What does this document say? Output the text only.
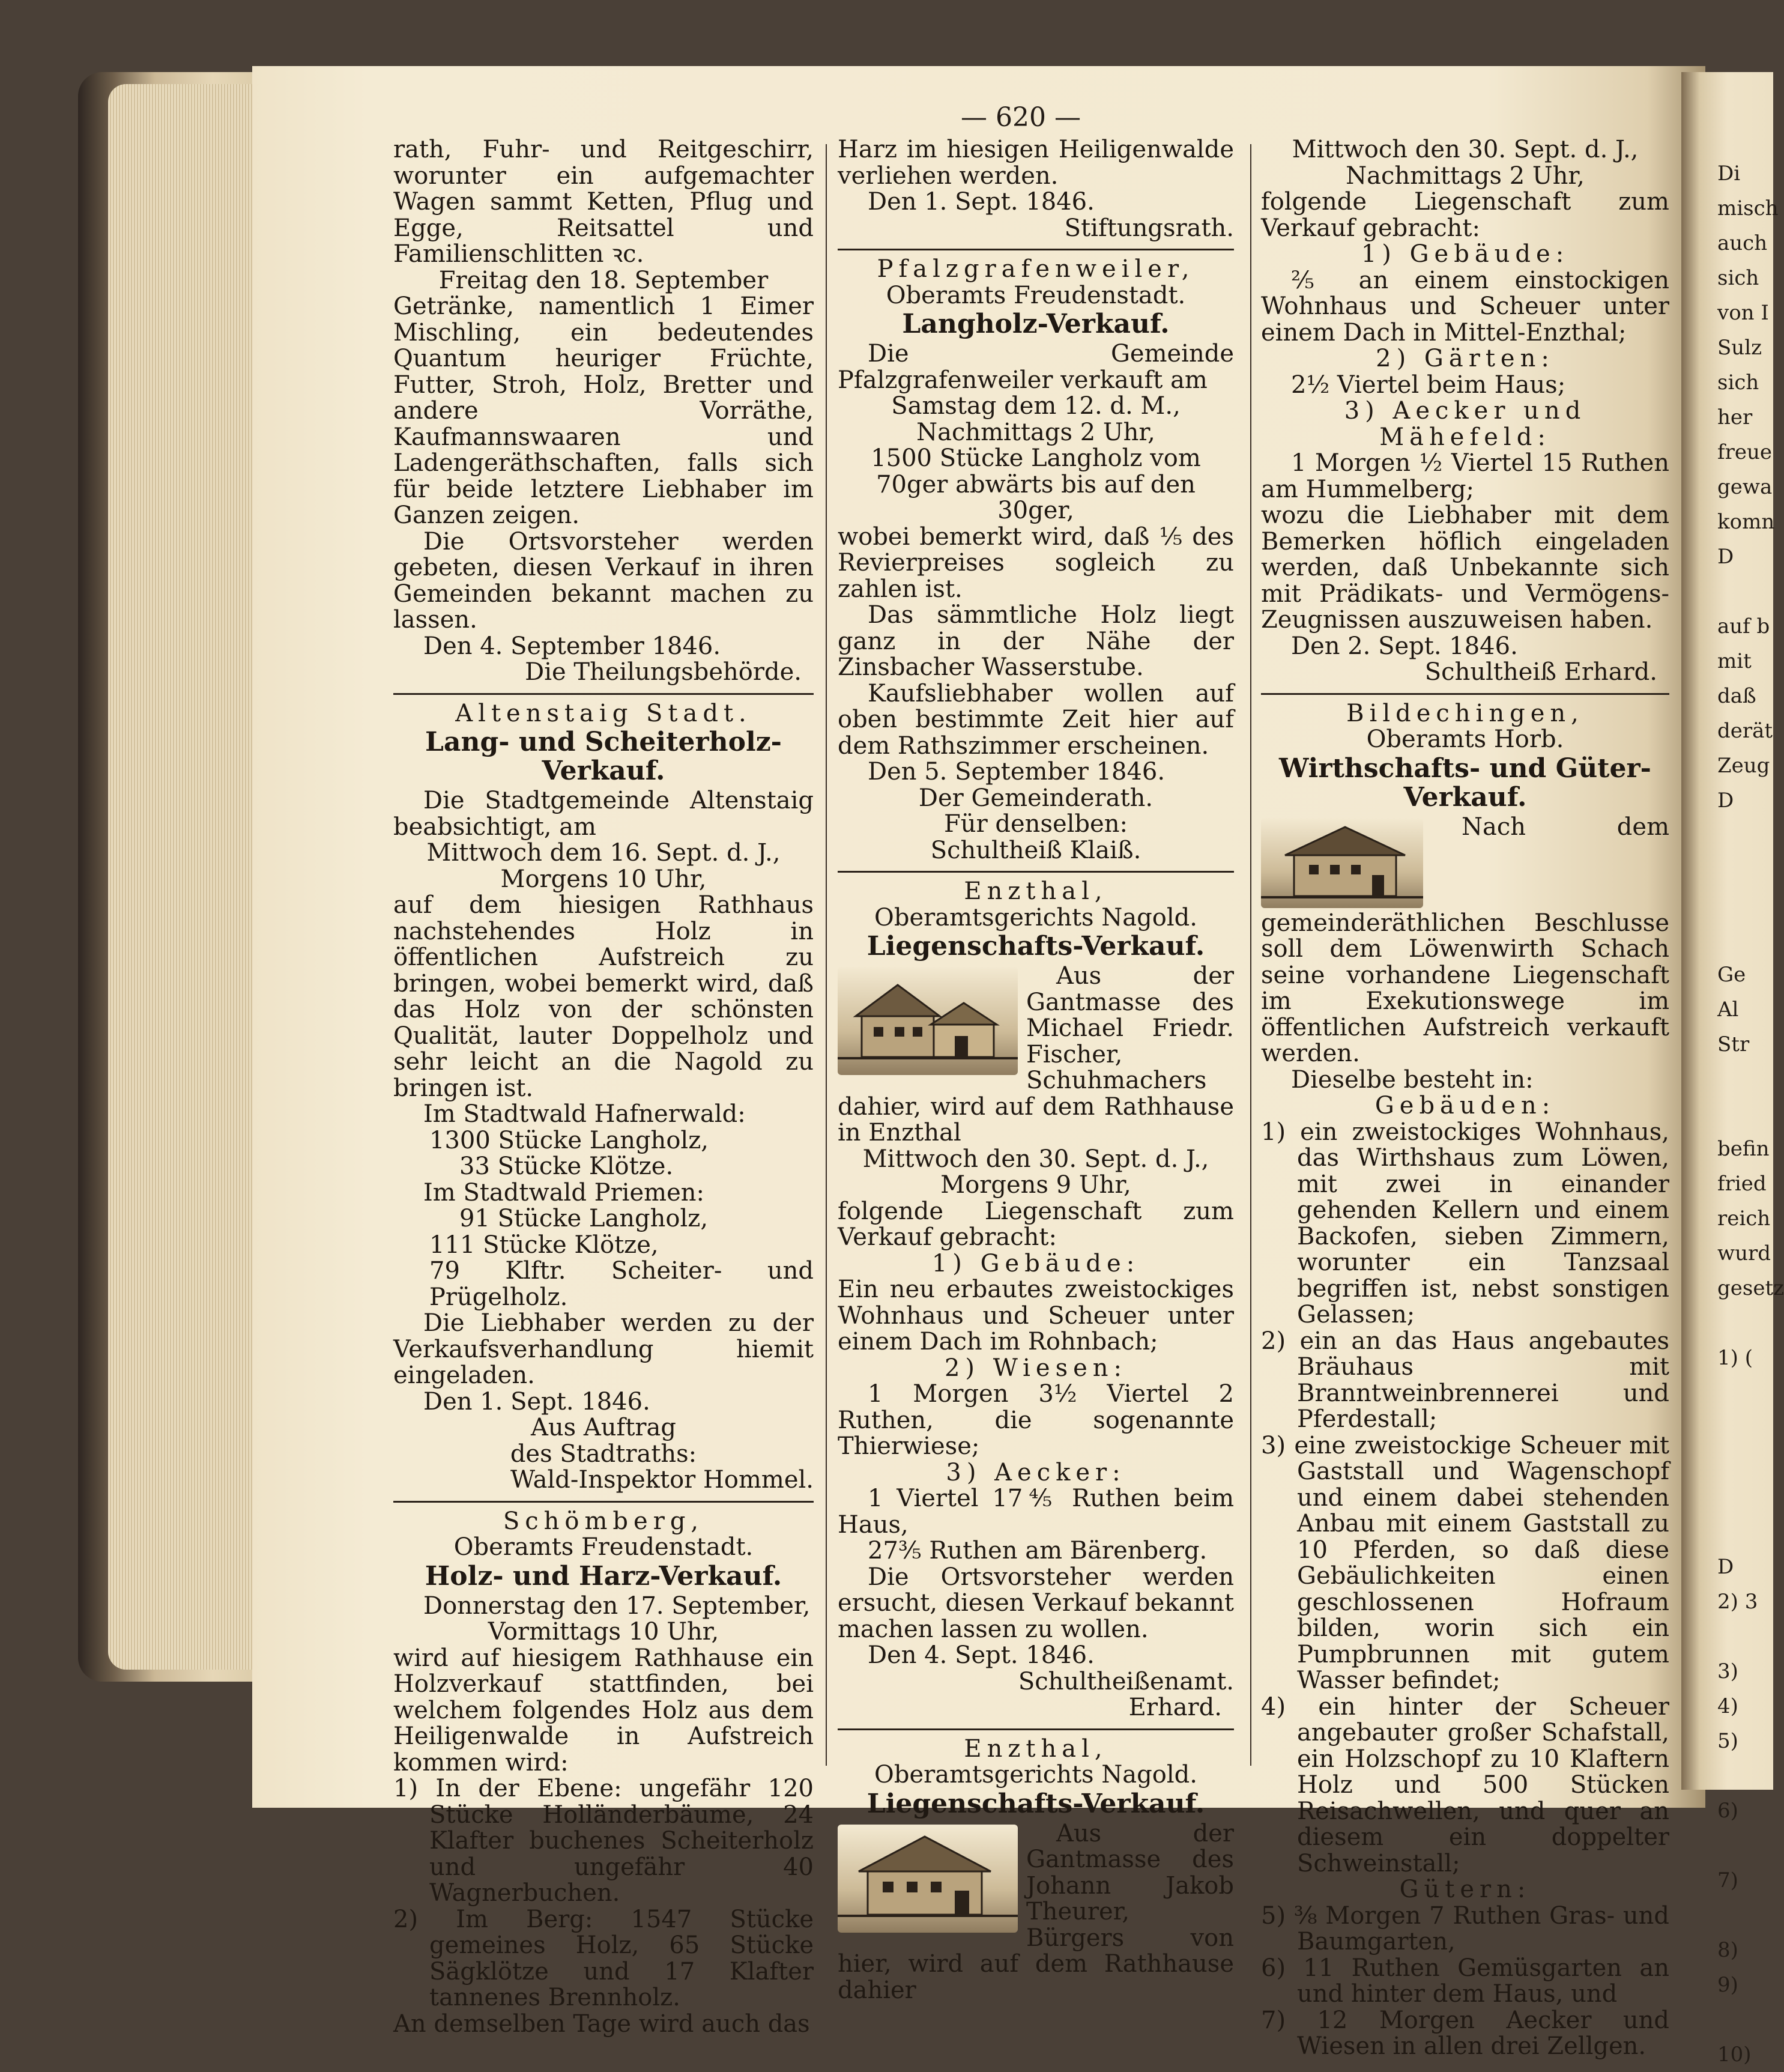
Di
misch
auch
sich
von I
Sulz
sich
her
freue
gewa
komn
D

auf b
mit
daß
derät
Zeug
D

Ge
Al
Str

befin
fried
reich
wurd
gesetz

1) (

D
2) 3

3)
4)
5)

6)

7)

8)
9)

10)
— 620 —

rath, Fuhr- und Reitgeschirr, worunter ein aufgemachter Wagen sammt Ketten, Pflug und Egge, Reitsattel und Familienschlitten ꝛc.

Freitag den 18. September

Getränke, namentlich 1 Eimer Mischling, ein bedeutendes Quantum heuriger Früchte, Futter, Stroh, Holz, Bretter und andere Vorräthe, Kaufmannswaaren und Ladengeräthschaften, falls sich für beide letztere Liebhaber im Ganzen zeigen.

Die Ortsvorsteher werden gebeten, diesen Verkauf in ihren Gemeinden bekannt machen zu lassen.

Den 4. September 1846.

Die Theilungsbehörde.

Altenstaig Stadt.

Lang- und Scheiterholz-Verkauf.

Die Stadtgemeinde Altenstaig beabsichtigt, am

Mittwoch dem 16. Sept. d. J.,

Morgens 10 Uhr,

auf dem hiesigen Rathhaus nachstehendes Holz in öffentlichen Aufstreich zu bringen, wobei bemerkt wird, daß das Holz von der schönsten Qualität, lauter Doppelholz und sehr leicht an die Nagold zu bringen ist.

Im Stadtwald Hafnerwald:

1300 Stücke Langholz,

33 Stücke Klötze.

Im Stadtwald Priemen:

91 Stücke Langholz,

111 Stücke Klötze,

79 Klftr. Scheiter- und Prügelholz.

Die Liebhaber werden zu der Verkaufsverhandlung hiemit eingeladen.

Den 1. Sept. 1846.

Aus Auftrag

des Stadtraths:

Wald-Inspektor Hommel.

Schömberg,

Oberamts Freudenstadt.

Holz- und Harz-Verkauf.

Donnerstag den 17. September,

Vormittags 10 Uhr,

wird auf hiesigem Rathhause ein Holzverkauf stattfinden, bei welchem folgendes Holz aus dem Heiligenwalde in Aufstreich kommen wird:

1) In der Ebene: ungefähr 120 Stücke Holländerbäume, 24 Klafter buchenes Scheiterholz und ungefähr 40 Wagnerbuchen.

2) Im Berg: 1547 Stücke gemeines Holz, 65 Stücke Sägklötze und 17 Klafter tannenes Brennholz.

An demselben Tage wird auch das

Harz im hiesigen Heiligenwalde verliehen werden.

Den 1. Sept. 1846.

Stiftungsrath.

Pfalzgrafenweiler,

Oberamts Freudenstadt.

Langholz-Verkauf.

Die Gemeinde Pfalzgrafenweiler verkauft am

Samstag dem 12. d. M.,

Nachmittags 2 Uhr,

1500 Stücke Langholz vom 70ger abwärts bis auf den 30ger,

wobei bemerkt wird, daß ⅕ des Revierpreises sogleich zu zahlen ist.

Das sämmtliche Holz liegt ganz in der Nähe der Zinsbacher Wasserstube.

Kaufsliebhaber wollen auf oben bestimmte Zeit hier auf dem Rathszimmer erscheinen.

Den 5. September 1846.

Der Gemeinderath.

Für denselben:

Schultheiß Klaiß.

Enzthal,

Oberamtsgerichts Nagold.

Liegenschafts-Verkauf.

Aus der Gantmasse des Michael Friedr. Fischer, Schuhmachers dahier, wird auf dem Rathhause in Enzthal

Mittwoch den 30. Sept. d. J.,

Morgens 9 Uhr,

folgende Liegenschaft zum Verkauf gebracht:

1) Gebäude:

Ein neu erbautes zweistockiges Wohnhaus und Scheuer unter einem Dach im Rohnbach;

2) Wiesen:

1 Morgen 3½ Viertel 2 Ruthen, die sogenannte Thierwiese;

3) Aecker:

1 Viertel 17⅘ Ruthen beim Haus,

27⅗ Ruthen am Bärenberg.

Die Ortsvorsteher werden ersucht, diesen Verkauf bekannt machen lassen zu wollen.

Den 4. Sept. 1846.

Schultheißenamt.

Erhard.

Enzthal,

Oberamtsgerichts Nagold.

Liegenschafts-Verkauf.

Aus der Gantmasse des Johann Jakob Theurer, Bürgers von hier, wird auf dem Rathhause dahier

Mittwoch den 30. Sept. d. J.,

Nachmittags 2 Uhr,

folgende Liegenschaft zum Verkauf gebracht:

1) Gebäude:

⅖ an einem einstockigen Wohnhaus und Scheuer unter einem Dach in Mittel-Enzthal;

2) Gärten:

2½ Viertel beim Haus;

3) Aecker und Mähefeld:

1 Morgen ½ Viertel 15 Ruthen am Hummelberg;

wozu die Liebhaber mit dem Bemerken höflich eingeladen werden, daß Unbekannte sich mit Prädikats- und Vermögens-Zeugnissen auszuweisen haben.

Den 2. Sept. 1846.

Schultheiß Erhard.

Bildechingen,

Oberamts Horb.

Wirthschafts- und Güter-Verkauf.

Nach dem gemeinderäthlichen Beschlusse soll dem Löwenwirth Schach seine vorhandene Liegenschaft im Exekutionswege im öffentlichen Aufstreich verkauft werden.

Dieselbe besteht in:

Gebäuden:

1) ein zweistockiges Wohnhaus, das Wirthshaus zum Löwen, mit zwei in einander gehenden Kellern und einem Backofen, sieben Zimmern, worunter ein Tanzsaal begriffen ist, nebst sonstigen Gelassen;

2) ein an das Haus angebautes Bräuhaus mit Branntweinbrennerei und Pferdestall;

3) eine zweistockige Scheuer mit Gaststall und Wagenschopf und einem dabei stehenden Anbau mit einem Gaststall zu 10 Pferden, so daß diese Gebäulichkeiten einen geschlossenen Hofraum bilden, worin sich ein Pumpbrunnen mit gutem Wasser befindet;

4) ein hinter der Scheuer angebauter großer Schafstall, ein Holzschopf zu 10 Klaftern Holz und 500 Stücken Reisachwellen, und quer an diesem ein doppelter Schweinstall;

Gütern:

5) ⅜ Morgen 7 Ruthen Gras- und Baumgarten,

6) 11 Ruthen Gemüsgarten an und hinter dem Haus, und

7) 12 Morgen Aecker und Wiesen in allen drei Zellgen.
